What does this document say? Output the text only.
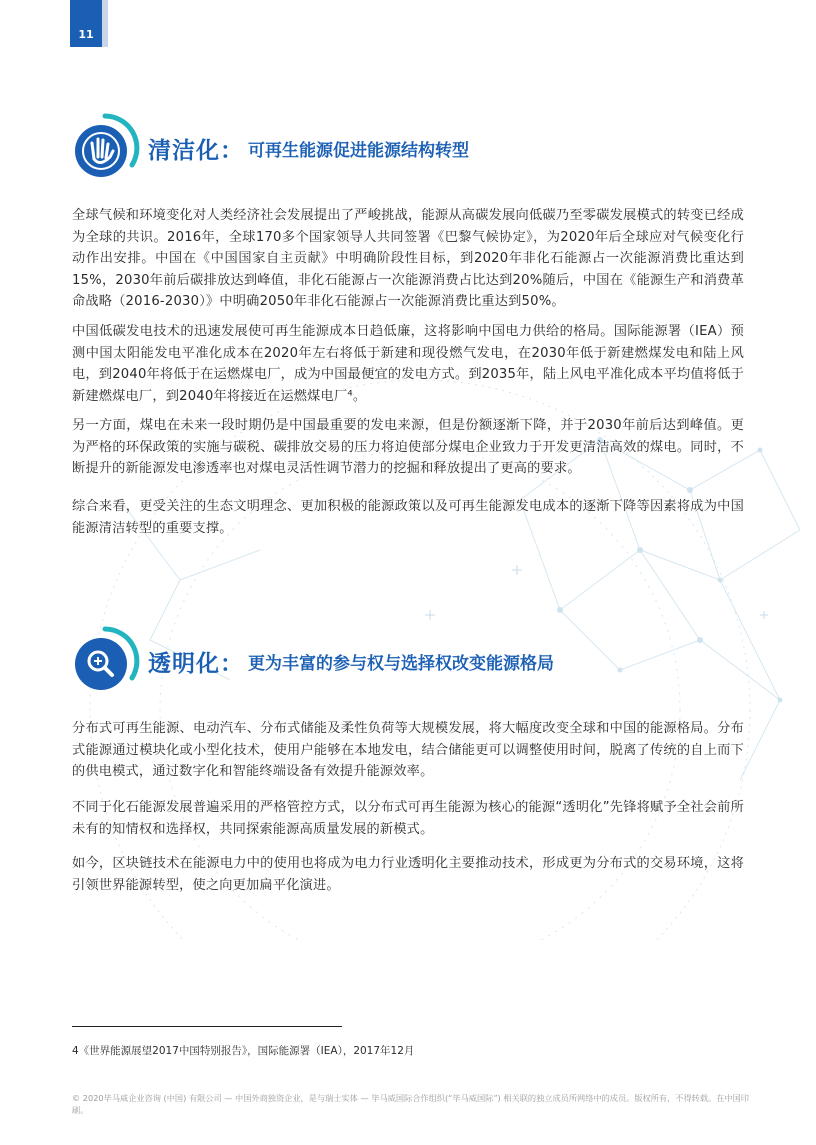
11
清洁化： 可再生能源促进能源结构转型

全球气候和环境变化对人类经济社会发展提出了严峻挑战，能源从高碳发展向低碳乃至零碳发展模式的转变已经成为全球的共识。2016年，全球170多个国家领导人共同签署《巴黎气候协定》，为2020年后全球应对气候变化行动作出安排。中国在《中国国家自主贡献》中明确阶段性目标，到2020年非化石能源占一次能源消费比重达到15%，2030年前后碳排放达到峰值，非化石能源占一次能源消费占比达到20%随后，中国在《能源生产和消费革命战略（2016-2030）》中明确2050年非化石能源占一次能源消费比重达到50%。

中国低碳发电技术的迅速发展使可再生能源成本日趋低廉，这将影响中国电力供给的格局。国际能源署（IEA）预测中国太阳能发电平准化成本在2020年左右将低于新建和现役燃气发电，在2030年低于新建燃煤发电和陆上风电，到2040年将低于在运燃煤电厂，成为中国最便宜的发电方式。到2035年，陆上风电平准化成本平均值将低于新建燃煤电厂，到2040年将接近在运燃煤电厂⁴。

另一方面，煤电在未来一段时期仍是中国最重要的发电来源，但是份额逐渐下降，并于2030年前后达到峰值。更为严格的环保政策的实施与碳税、碳排放交易的压力将迫使部分煤电企业致力于开发更清洁高效的煤电。同时，不断提升的新能源发电渗透率也对煤电灵活性调节潜力的挖掘和释放提出了更高的要求。

综合来看，更受关注的生态文明理念、更加积极的能源政策以及可再生能源发电成本的逐渐下降等因素将成为中国能源清洁转型的重要支撑。

透明化： 更为丰富的参与权与选择权改变能源格局

分布式可再生能源、电动汽车、分布式储能及柔性负荷等大规模发展，将大幅度改变全球和中国的能源格局。分布式能源通过模块化或小型化技术，使用户能够在本地发电，结合储能更可以调整使用时间，脱离了传统的自上而下的供电模式，通过数字化和智能终端设备有效提升能源效率。

不同于化石能源发展普遍采用的严格管控方式，以分布式可再生能源为核心的能源“透明化”先锋将赋予全社会前所未有的知情权和选择权，共同探索能源高质量发展的新模式。

如今，区块链技术在能源电力中的使用也将成为电力行业透明化主要推动技术，形成更为分布式的交易环境，这将引领世界能源转型，使之向更加扁平化演进。

4《世界能源展望2017中国特别报告》，国际能源署（IEA），2017年12月

© 2020毕马威企业咨询 (中国) 有限公司 — 中国外商独资企业，是与瑞士实体 — 毕马威国际合作组织(“毕马威国际”) 相关联的独立成员所网络中的成员。版权所有，不得转载。在中国印刷。
